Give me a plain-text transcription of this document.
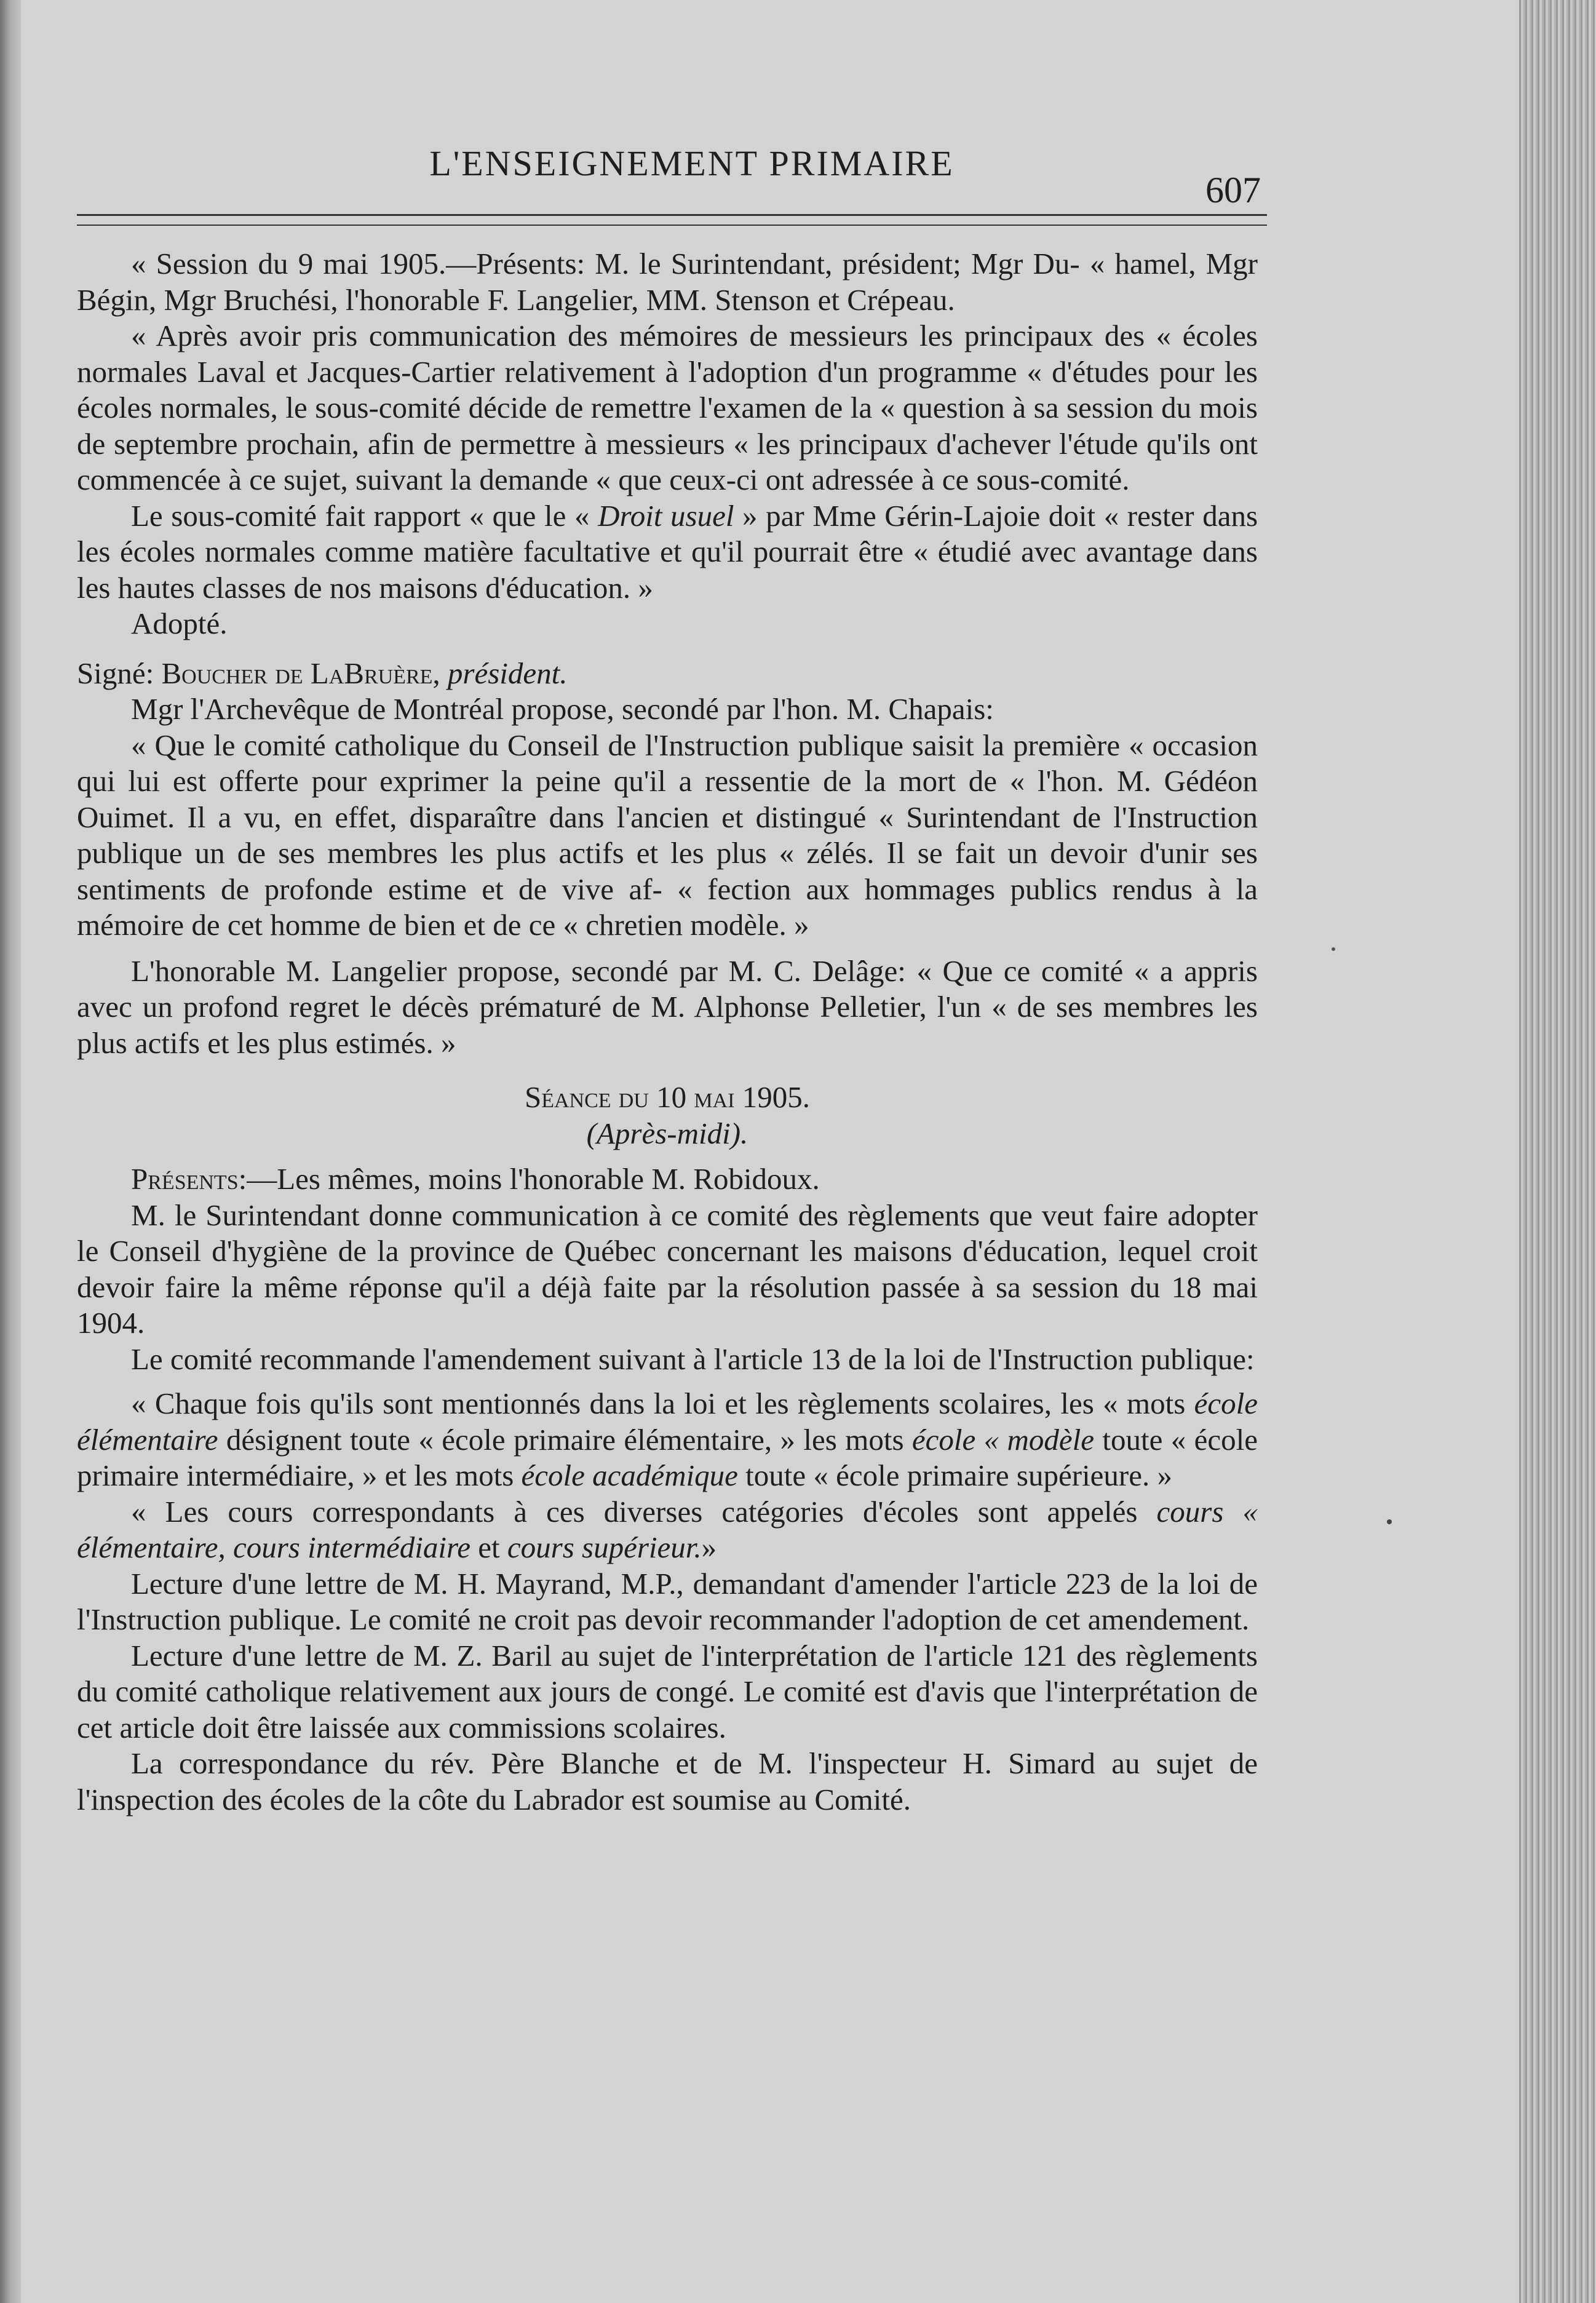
L'ENSEIGNEMENT PRIMAIRE
607

« Session du 9 mai 1905.—Présents: M. le Surintendant, président; Mgr Du- « hamel, Mgr Bégin, Mgr Bruchési, l'honorable F. Langelier, MM. Stenson et Crépeau.

« Après avoir pris communication des mémoires de messieurs les principaux des « écoles normales Laval et Jacques-Cartier relativement à l'adoption d'un programme « d'études pour les écoles normales, le sous-comité décide de remettre l'examen de la « question à sa session du mois de septembre prochain, afin de permettre à messieurs « les principaux d'achever l'étude qu'ils ont commencée à ce sujet, suivant la demande « que ceux-ci ont adressée à ce sous-comité.

Le sous-comité fait rapport « que le « Droit usuel » par Mme Gérin-Lajoie doit « rester dans les écoles normales comme matière facultative et qu'il pourrait être « étudié avec avantage dans les hautes classes de nos maisons d'éducation. »

Adopté.

Signé: Boucher de LaBruère, président.

Mgr l'Archevêque de Montréal propose, secondé par l'hon. M. Chapais:

« Que le comité catholique du Conseil de l'Instruction publique saisit la première « occasion qui lui est offerte pour exprimer la peine qu'il a ressentie de la mort de « l'hon. M. Gédéon Ouimet. Il a vu, en effet, disparaître dans l'ancien et distingué « Surintendant de l'Instruction publique un de ses membres les plus actifs et les plus « zélés. Il se fait un devoir d'unir ses sentiments de profonde estime et de vive af- « fection aux hommages publics rendus à la mémoire de cet homme de bien et de ce « chretien modèle. »

L'honorable M. Langelier propose, secondé par M. C. Delâge: « Que ce comité « a appris avec un profond regret le décès prématuré de M. Alphonse Pelletier, l'un « de ses membres les plus actifs et les plus estimés. »

Séance du 10 mai 1905.

(Après-midi).

Présents:—Les mêmes, moins l'honorable M. Robidoux.

M. le Surintendant donne communication à ce comité des règlements que veut faire adopter le Conseil d'hygiène de la province de Québec concernant les maisons d'éducation, lequel croit devoir faire la même réponse qu'il a déjà faite par la résolution passée à sa session du 18 mai 1904.

Le comité recommande l'amendement suivant à l'article 13 de la loi de l'Instruction publique:

« Chaque fois qu'ils sont mentionnés dans la loi et les règlements scolaires, les « mots école élémentaire désignent toute « école primaire élémentaire, » les mots école « modèle toute « école primaire intermédiaire, » et les mots école académique toute « école primaire supérieure. »

« Les cours correspondants à ces diverses catégories d'écoles sont appelés cours « élémentaire, cours intermédiaire et cours supérieur.»

Lecture d'une lettre de M. H. Mayrand, M.P., demandant d'amender l'article 223 de la loi de l'Instruction publique. Le comité ne croit pas devoir recommander l'adoption de cet amendement.

Lecture d'une lettre de M. Z. Baril au sujet de l'interprétation de l'article 121 des règlements du comité catholique relativement aux jours de congé. Le comité est d'avis que l'interprétation de cet article doit être laissée aux commissions scolaires.

La correspondance du rév. Père Blanche et de M. l'inspecteur H. Simard au sujet de l'inspection des écoles de la côte du Labrador est soumise au Comité.
